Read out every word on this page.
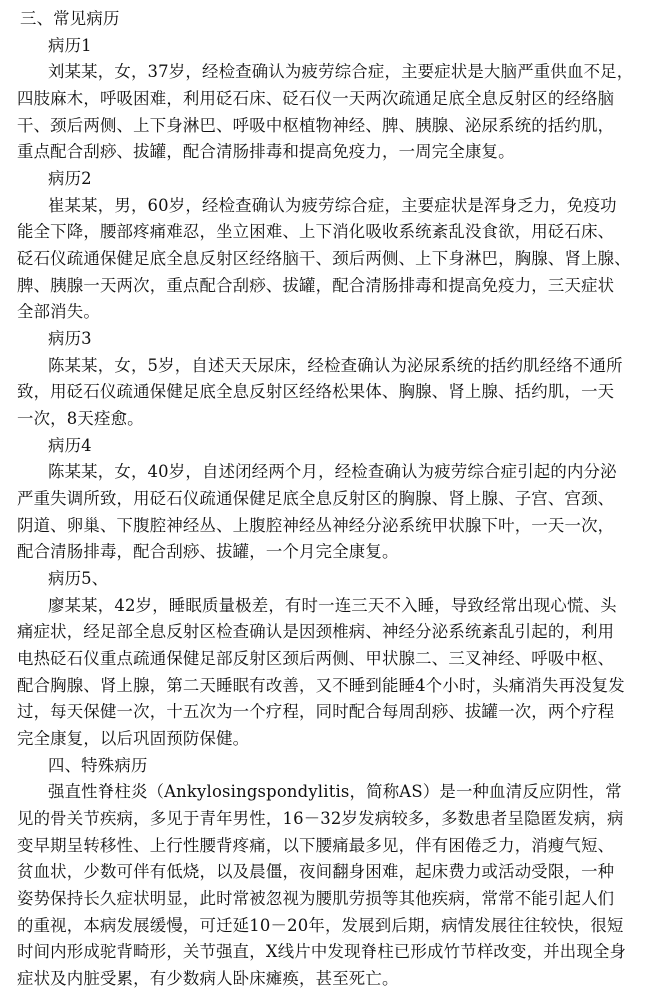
三、常见病历
病历1
刘某某，女，37岁，经检查确认为疲劳综合症，主要症状是大脑严重供血不足，
四肢麻木，呼吸困难，利用砭石床、砭石仪一天两次疏通足底全息反射区的经络脑
干、颈后两侧、上下身淋巴、呼吸中枢植物神经、脾、胰腺、泌尿系统的括约肌，
重点配合刮痧、拔罐，配合清肠排毒和提高免疫力，一周完全康复。
病历2
崔某某，男，60岁，经检查确认为疲劳综合症，主要症状是浑身乏力，免疫功
能全下降，腰部疼痛难忍，坐立困难、上下消化吸收系统紊乱没食欲，用砭石床、
砭石仪疏通保健足底全息反射区经络脑干、颈后两侧、上下身淋巴，胸腺、肾上腺、
脾、胰腺一天两次，重点配合刮痧、拔罐，配合清肠排毒和提高免疫力，三天症状
全部消失。
病历3
陈某某，女，5岁，自述天天尿床，经检查确认为泌尿系统的括约肌经络不通所
致，用砭石仪疏通保健足底全息反射区经络松果体、胸腺、肾上腺、括约肌，一天
一次，8天痊愈。
病历4
陈某某，女，40岁，自述闭经两个月，经检查确认为疲劳综合症引起的内分泌
严重失调所致，用砭石仪疏通保健足底全息反射区的胸腺、肾上腺、子宫、宫颈、
阴道、卵巢、下腹腔神经丛、上腹腔神经丛神经分泌系统甲状腺下叶，一天一次，
配合清肠排毒，配合刮痧、拔罐，一个月完全康复。
病历5、
廖某某，42岁，睡眠质量极差，有时一连三天不入睡，导致经常出现心慌、头
痛症状，经足部全息反射区检查确认是因颈椎病、神经分泌系统紊乱引起的，利用
电热砭石仪重点疏通保健足部反射区颈后两侧、甲状腺二、三叉神经、呼吸中枢、
配合胸腺、肾上腺，第二天睡眠有改善，又不睡到能睡4个小时，头痛消失再没复发
过，每天保健一次，十五次为一个疗程，同时配合每周刮痧、拔罐一次，两个疗程
完全康复，以后巩固预防保健。
四、特殊病历
强直性脊柱炎（Ankylosingspondylitis，简称AS）是一种血清反应阴性，常
见的骨关节疾病，多见于青年男性，16－32岁发病较多，多数患者呈隐匿发病，病
变早期呈转移性、上行性腰背疼痛，以下腰痛最多见，伴有困倦乏力，消瘦气短、
贫血状，少数可伴有低烧，以及晨僵，夜间翻身困难，起床费力或活动受限，一种
姿势保持长久症状明显，此时常被忽视为腰肌劳损等其他疾病，常常不能引起人们
的重视，本病发展缓慢，可迁延10－20年，发展到后期，病情发展往往较快，很短
时间内形成驼背畸形，关节强直，X线片中发现脊柱已形成竹节样改变，并出现全身
症状及内脏受累，有少数病人卧床瘫痪，甚至死亡。
